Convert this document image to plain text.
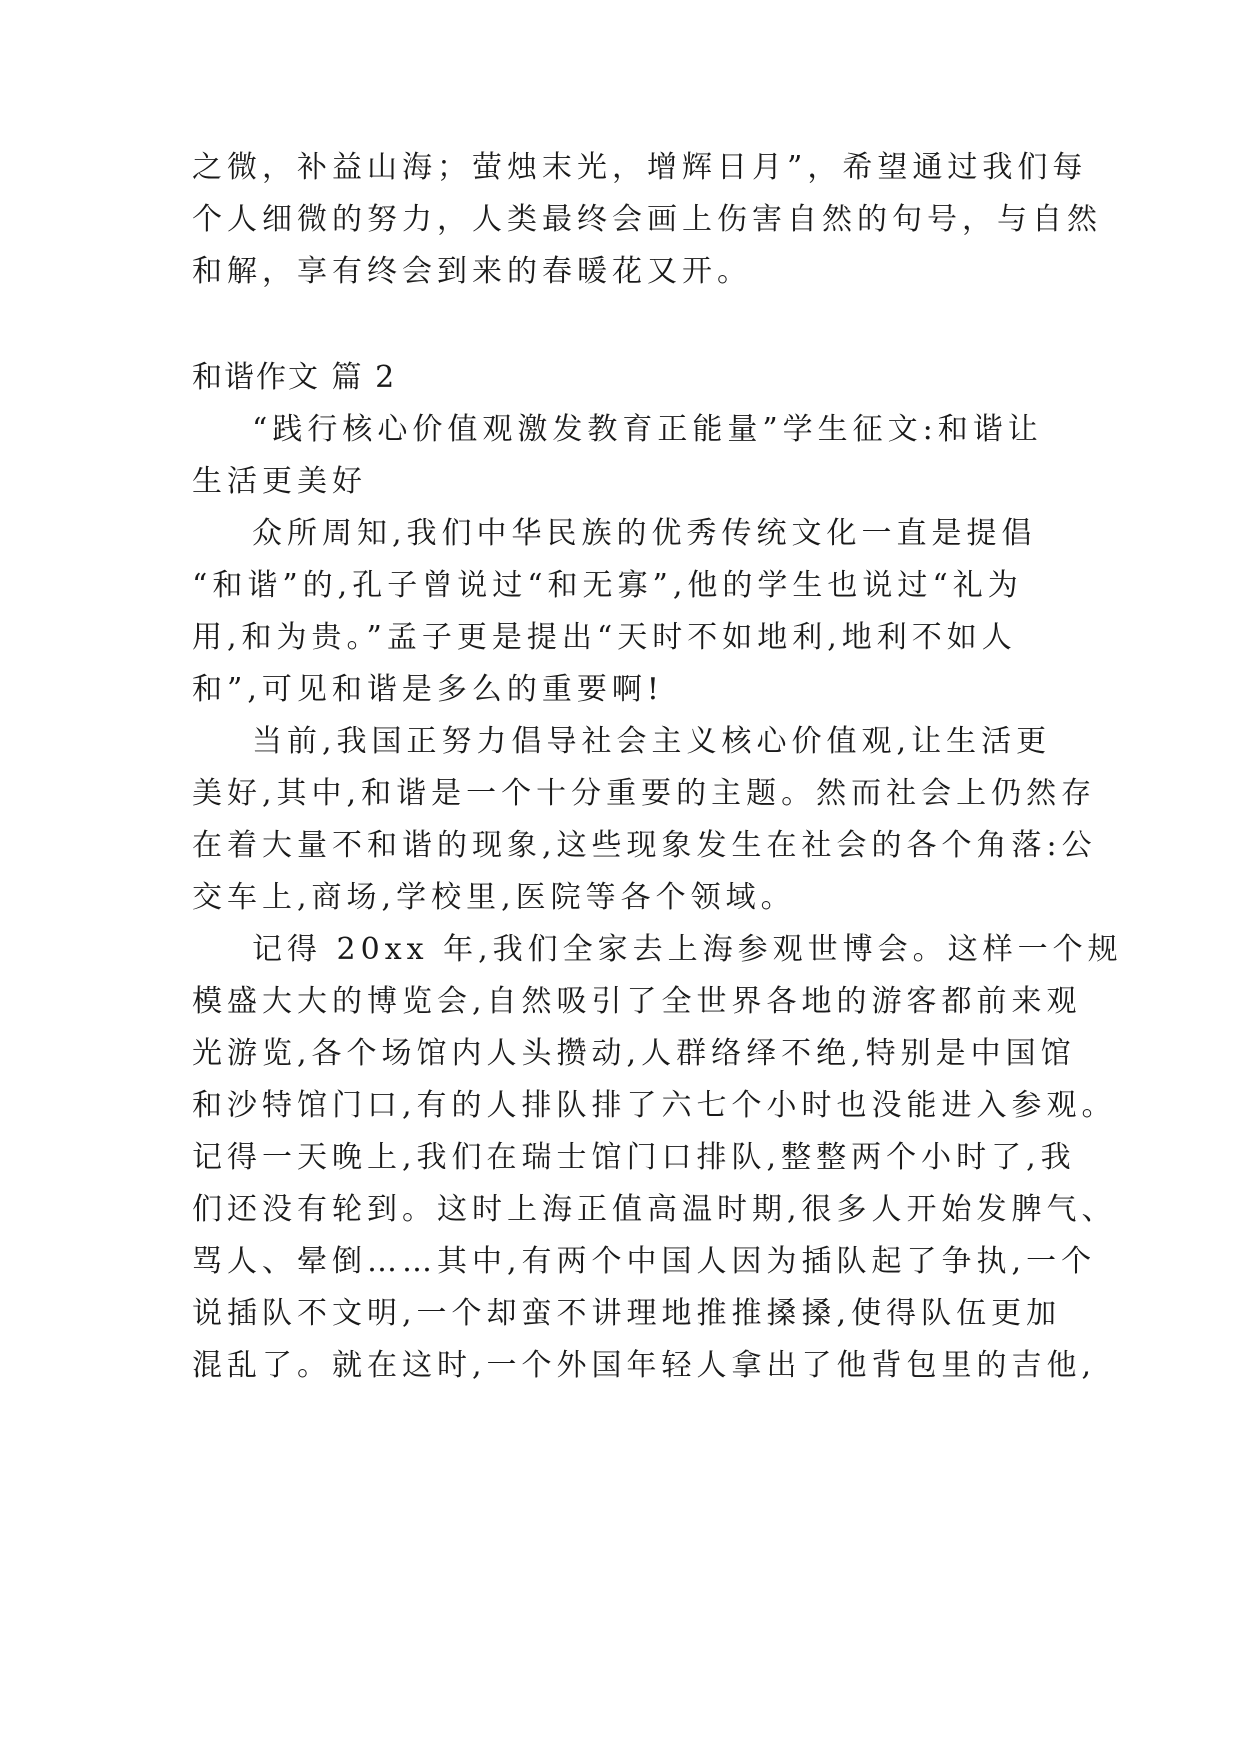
之微，补益山海；萤烛末光，增辉日月”，希望通过我们每
个人细微的努力，人类最终会画上伤害自然的句号，与自然
和解，享有终会到来的春暖花又开。
和谐作文 篇 2
“践行核心价值观激发教育正能量”学生征文:和谐让
生活更美好
众所周知,我们中华民族的优秀传统文化一直是提倡
“和谐”的,孔子曾说过“和无寡”,他的学生也说过“礼为
用,和为贵。”孟子更是提出“天时不如地利,地利不如人
和”,可见和谐是多么的重要啊!
当前,我国正努力倡导社会主义核心价值观,让生活更
美好,其中,和谐是一个十分重要的主题。然而社会上仍然存
在着大量不和谐的现象,这些现象发生在社会的各个角落:公
交车上,商场,学校里,医院等各个领域。
记得 20xx 年,我们全家去上海参观世博会。这样一个规
模盛大大的博览会,自然吸引了全世界各地的游客都前来观
光游览,各个场馆内人头攒动,人群络绎不绝,特别是中国馆
和沙特馆门口,有的人排队排了六七个小时也没能进入参观。
记得一天晚上,我们在瑞士馆门口排队,整整两个小时了,我
们还没有轮到。这时上海正值高温时期,很多人开始发脾气、
骂人、晕倒……其中,有两个中国人因为插队起了争执,一个
说插队不文明,一个却蛮不讲理地推推搡搡,使得队伍更加
混乱了。就在这时,一个外国年轻人拿出了他背包里的吉他,
